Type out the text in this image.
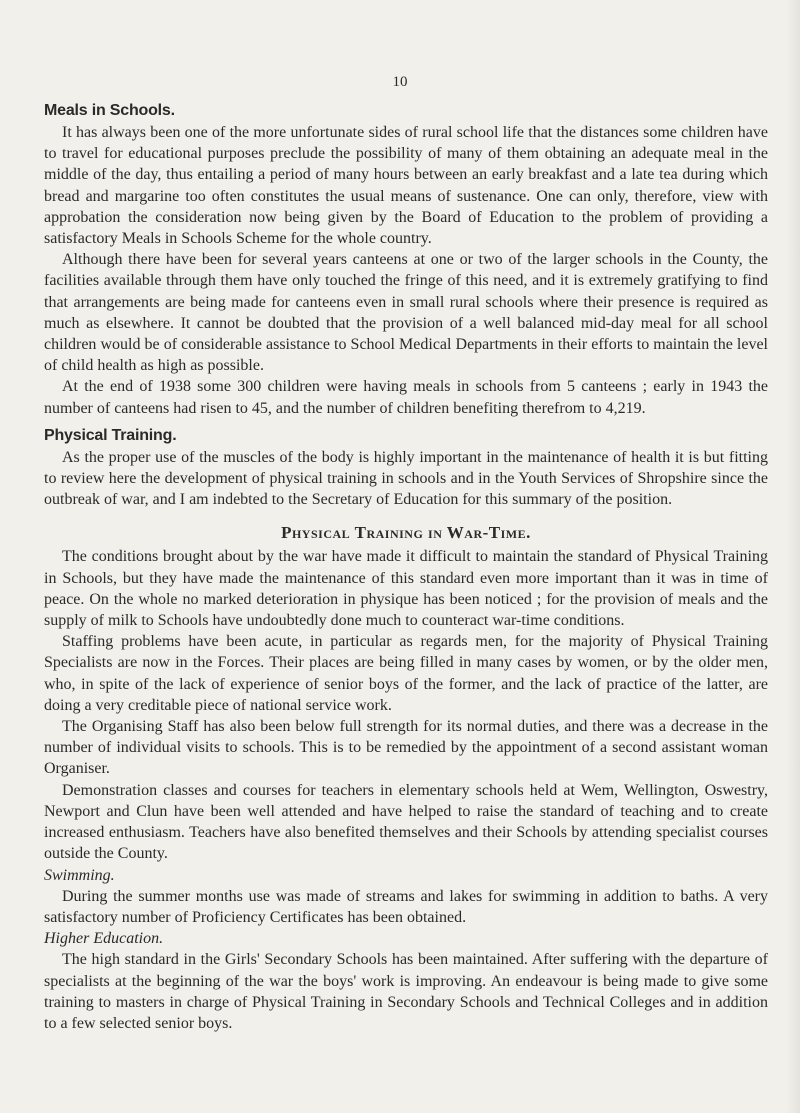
10
Meals in Schools.

It has always been one of the more unfortunate sides of rural school life that the distances some children have to travel for educational purposes preclude the possibility of many of them obtaining an adequate meal in the middle of the day, thus entailing a period of many hours between an early breakfast and a late tea during which bread and margarine too often constitutes the usual means of sustenance. One can only, therefore, view with approbation the consideration now being given by the Board of Education to the problem of providing a satisfactory Meals in Schools Scheme for the whole country.

Although there have been for several years canteens at one or two of the larger schools in the County, the facilities available through them have only touched the fringe of this need, and it is extremely gratifying to find that arrangements are being made for canteens even in small rural schools where their presence is required as much as elsewhere. It cannot be doubted that the provision of a well balanced mid-day meal for all school children would be of considerable assistance to School Medical Departments in their efforts to maintain the level of child health as high as possible.

At the end of 1938 some 300 children were having meals in schools from 5 canteens ; early in 1943 the number of canteens had risen to 45, and the number of children benefiting therefrom to 4,219.

Physical Training.

As the proper use of the muscles of the body is highly important in the maintenance of health it is but fitting to review here the development of physical training in schools and in the Youth Services of Shropshire since the outbreak of war, and I am indebted to the Secretary of Education for this summary of the position.

Physical Training in War-Time.

The conditions brought about by the war have made it difficult to maintain the standard of Physical Training in Schools, but they have made the maintenance of this standard even more important than it was in time of peace. On the whole no marked deterioration in physique has been noticed ; for the provision of meals and the supply of milk to Schools have undoubtedly done much to counteract war-time conditions.

Staffing problems have been acute, in particular as regards men, for the majority of Physical Training Specialists are now in the Forces. Their places are being filled in many cases by women, or by the older men, who, in spite of the lack of experience of senior boys of the former, and the lack of practice of the latter, are doing a very creditable piece of national service work.

The Organising Staff has also been below full strength for its normal duties, and there was a decrease in the number of individual visits to schools. This is to be remedied by the appointment of a second assistant woman Organiser.

Demonstration classes and courses for teachers in elementary schools held at Wem, Wellington, Oswestry, Newport and Clun have been well attended and have helped to raise the standard of teaching and to create increased enthusiasm. Teachers have also benefited themselves and their Schools by attending specialist courses outside the County.

Swimming.

During the summer months use was made of streams and lakes for swimming in addition to baths. A very satisfactory number of Proficiency Certificates has been obtained.

Higher Education.

The high standard in the Girls' Secondary Schools has been maintained. After suffering with the departure of specialists at the beginning of the war the boys' work is improving. An endeavour is being made to give some training to masters in charge of Physical Training in Secondary Schools and Technical Colleges and in addition to a few selected senior boys.
